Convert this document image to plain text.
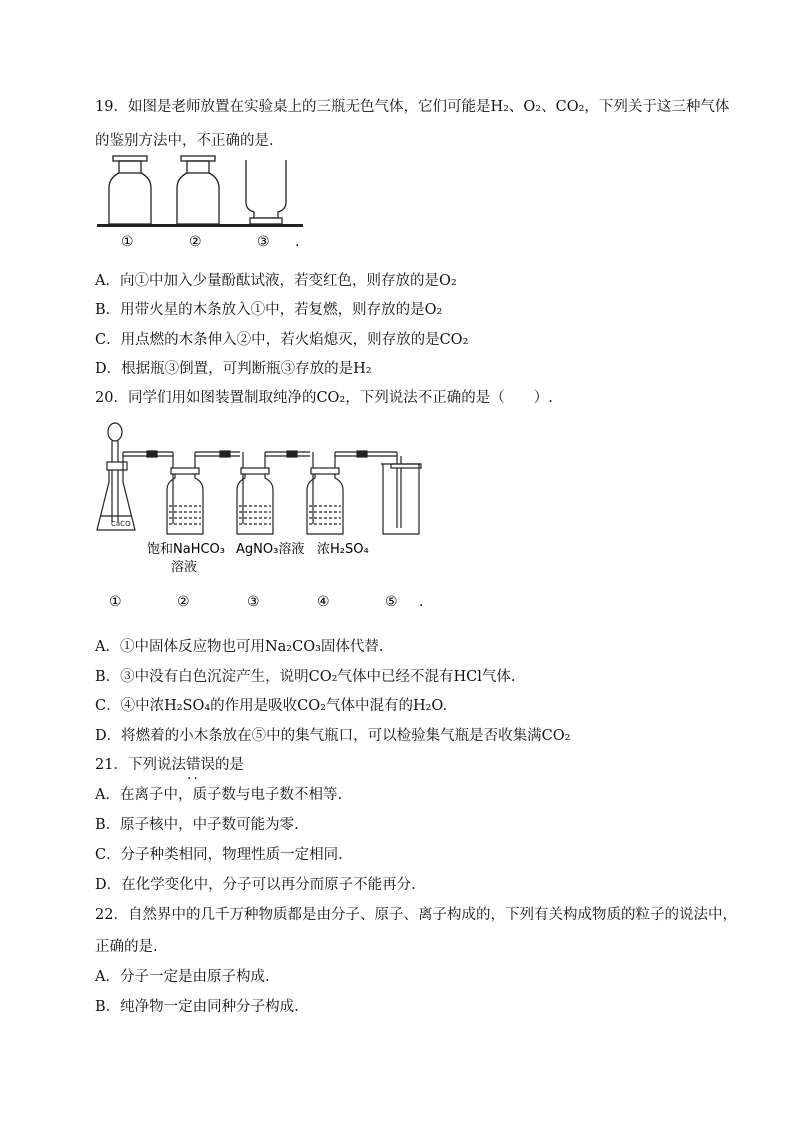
19．如图是老师放置在实验桌上的三瓶无色气体，它们可能是H₂、O₂、CO₂，下列关于这三种气体
的鉴别方法中，不正确的是.
①	②	③ .
A．向①中加入少量酚酞试液，若变红色，则存放的是O₂
B．用带火星的木条放入①中，若复燃，则存放的是O₂
C．用点燃的木条伸入②中，若火焰熄灭，则存放的是CO₂
D．根据瓶③倒置，可判断瓶③存放的是H₂
20．同学们用如图装置制取纯净的CO₂，下列说法不正确的是（　　）.
CaCO
饱和NaHCO₃
溶液
AgNO₃溶液 浓H₂SO₄
①	②	③	④	⑤ .
A．①中固体反应物也可用Na₂CO₃固体代替.
B．③中没有白色沉淀产生，说明CO₂气体中已经不混有HCl气体.
C．④中浓H₂SO₄的作用是吸收CO₂气体中混有的H₂O.
D．将燃着的小木条放在⑤中的集气瓶口，可以检验集气瓶是否收集满CO₂
21．下列说法错误 ··的是
A．在离子中，质子数与电子数不相等.
B．原子核中，中子数可能为零.
C．分子种类相同，物理性质一定相同.
D．在化学变化中，分子可以再分而原子不能再分.
22．自然界中的几千万种物质都是由分子、原子、离子构成的，下列有关构成物质的粒子的说法中，
正确的是.
A．分子一定是由原子构成.
B．纯净物一定由同种分子构成.
